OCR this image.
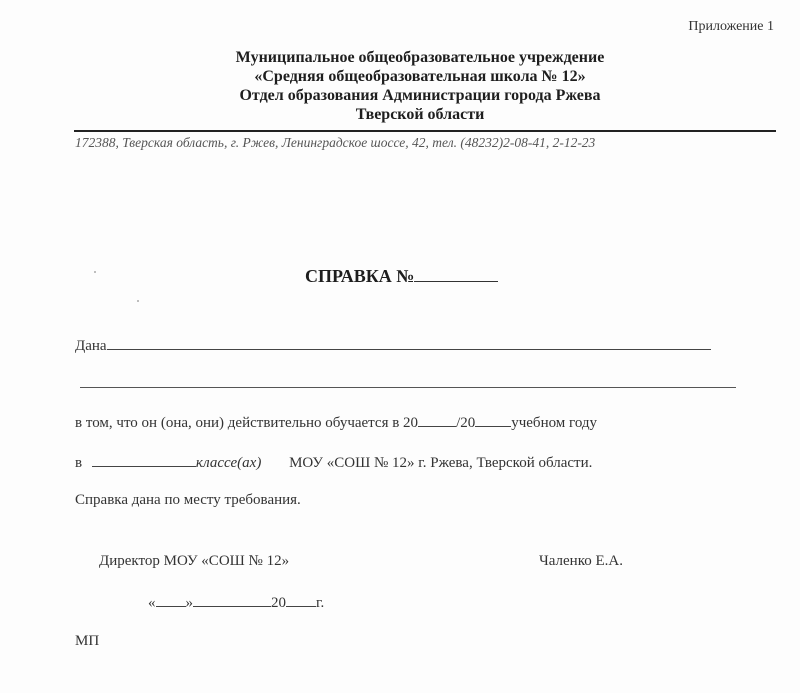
Приложение 1
Муниципальное общеобразовательное учреждение
«Средняя общеобразовательная школа № 12»
Отдел образования Администрации города Ржева
Тверской области
172388, Тверская область, г. Ржев, Ленинградское шоссе, 42, тел. (48232)2-08-41, 2-12-23
СПРАВКА №
Дана
в том, что он (она, они) действительно обучается в 20	/20 учебном году
в	классе(ах) МОУ «СОШ № 12» г. Ржева, Тверской области.
Справка дана по месту требования.
Директор МОУ «СОШ № 12»	Чаленко Е.А.
« »	20 г.
МП
